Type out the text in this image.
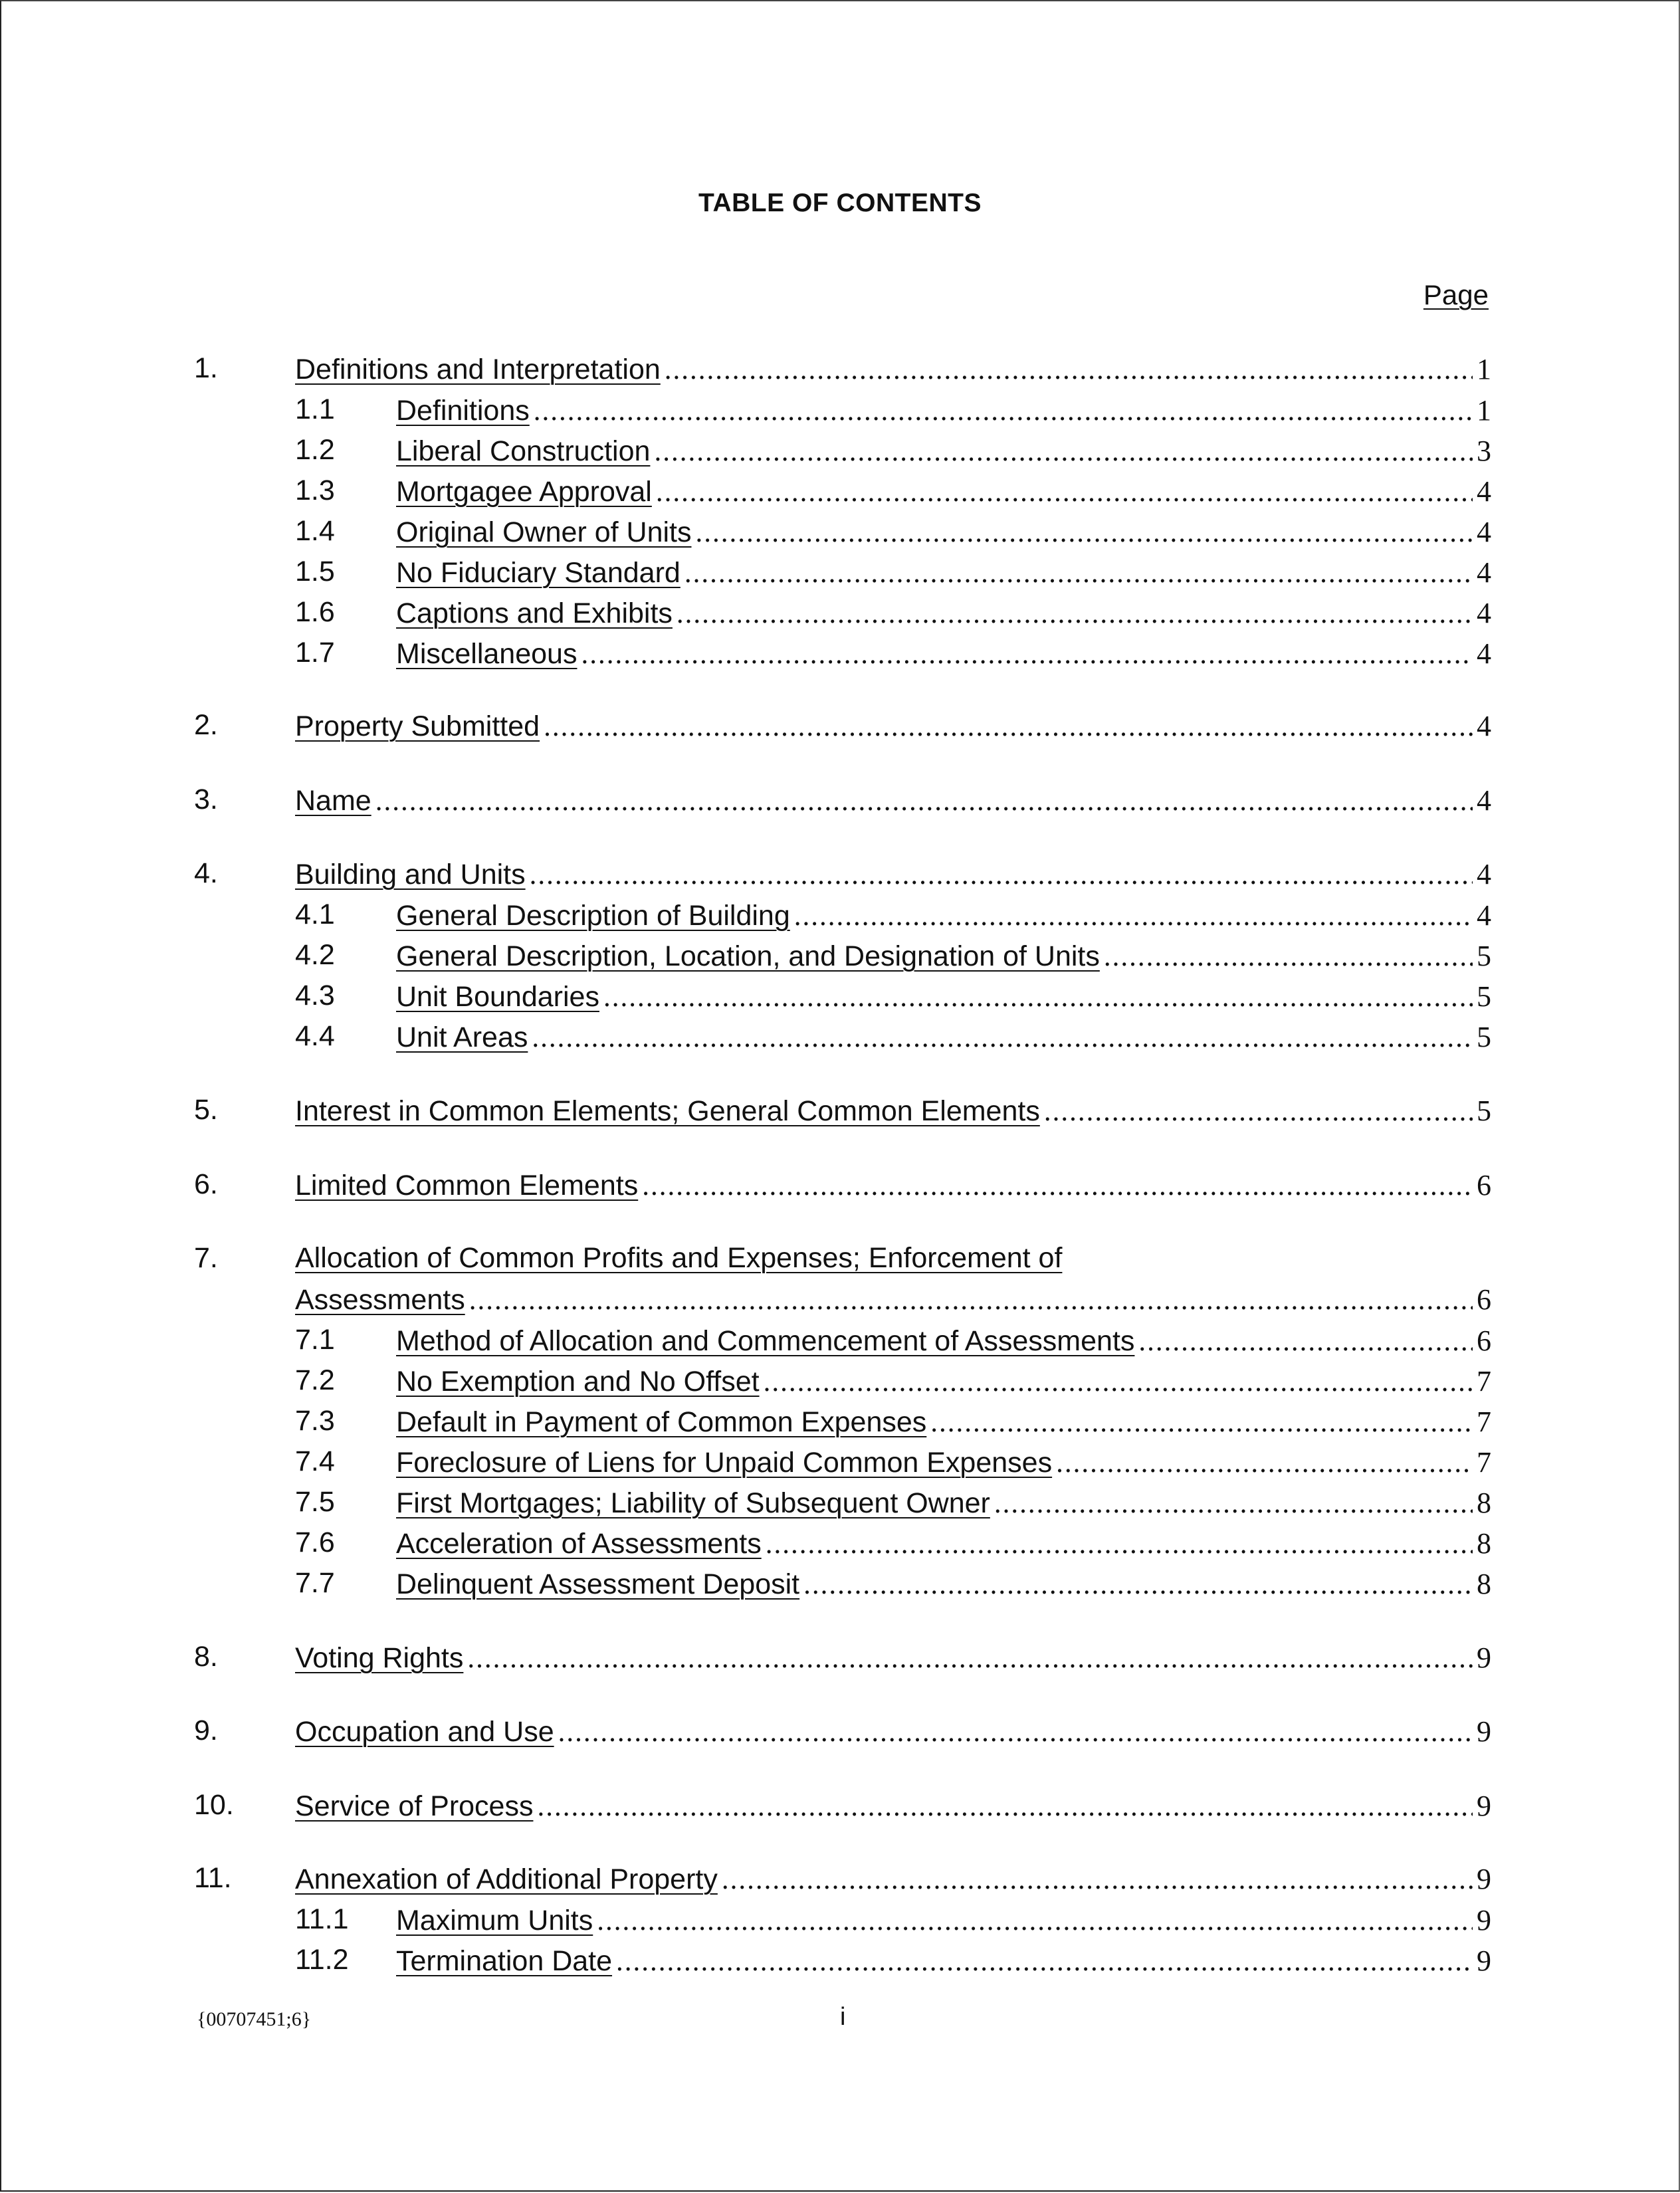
TABLE OF CONTENTS
Page
1.	Definitions and Interpretation .....	1
1.1 Definitions .....	1
1.2 Liberal Construction .....	3
1.3 Mortgagee Approval .....	4
1.4 Original Owner of Units .....	4
1.5 No Fiduciary Standard .....	4
1.6 Captions and Exhibits .....	4
1.7 Miscellaneous .....	4
2.	Property Submitted .....	4
3.	Name .....	4
4.	Building and Units .....	4
4.1 General Description of Building .....	4
4.2 General Description, Location, and Designation of Units .....	5
4.3 Unit Boundaries .....	5
4.4 Unit Areas .....	5
5.	Interest in Common Elements; General Common Elements .....	5
6.	Limited Common Elements .....	6
7.	Allocation of Common Profits and Expenses; Enforcement of
Assessments .....	6
7.1 Method of Allocation and Commencement of Assessments .....	6
7.2 No Exemption and No Offset .....	7
7.3 Default in Payment of Common Expenses .....	7
7.4 Foreclosure of Liens for Unpaid Common Expenses .....	7
7.5 First Mortgages; Liability of Subsequent Owner .....	8
7.6 Acceleration of Assessments .....	8
7.7 Delinquent Assessment Deposit .....	8
8.	Voting Rights .....	9
9.	Occupation and Use .....	9
10. Service of Process .....	9
11. Annexation of Additional Property .....	9
11.1 Maximum Units .....	9
11.2 Termination Date .....	9
{00707451;6}	i
